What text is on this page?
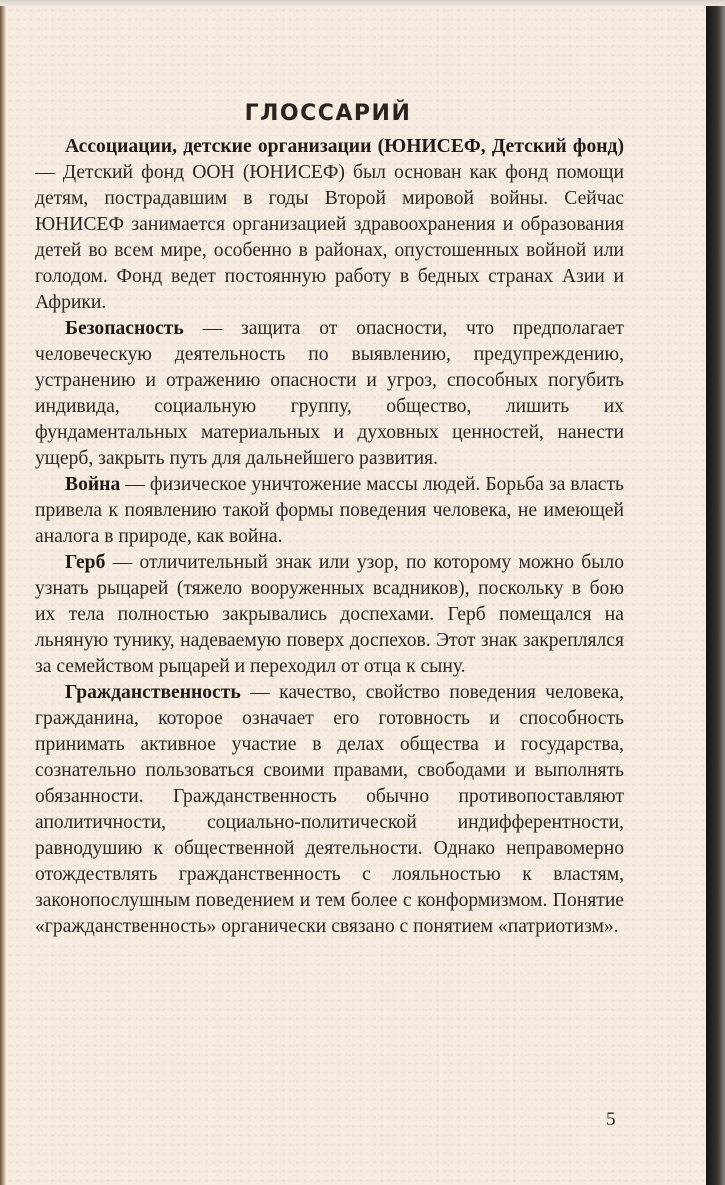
ГЛОССАРИЙ

Ассоциации, детские организации (ЮНИСЕФ, Детский фонд) — Детский фонд ООН (ЮНИСЕФ) был основан как фонд помощи детям, пострадавшим в годы Второй мировой войны. Сейчас ЮНИСЕФ занимается организацией здравоохранения и образования детей во всем мире, особенно в районах, опустошенных войной или голодом. Фонд ведет постоянную работу в бедных странах Азии и Африки.

Безопасность — защита от опасности, что предполагает человеческую деятельность по выявлению, предупреждению, устранению и отражению опасности и угроз, способных погубить индивида, социальную группу, общество, лишить их фундаментальных материальных и духовных ценностей, нанести ущерб, закрыть путь для дальнейшего развития.

Война — физическое уничтожение массы людей. Борьба за власть привела к появлению такой формы поведения человека, не имеющей аналога в природе, как война.

Герб — отличительный знак или узор, по которому можно было узнать рыцарей (тяжело вооруженных всадников), поскольку в бою их тела полностью закрывались доспехами. Герб помещался на льняную тунику, надеваемую поверх доспехов. Этот знак закреплялся за семейством рыцарей и переходил от отца к сыну.

Гражданственность — качество, свойство поведения человека, гражданина, которое означает его готовность и способность принимать активное участие в делах общества и государства, сознательно пользоваться своими правами, свободами и выполнять обязанности. Гражданственность обычно противопоставляют аполитичности, социально-политической индифферентности, равнодушию к общественной деятельности. Однако неправомерно отождествлять гражданственность с лояльностью к властям, законопослушным поведением и тем более с конформизмом. Понятие «гражданственность» органически связано с понятием «патриотизм».

5
